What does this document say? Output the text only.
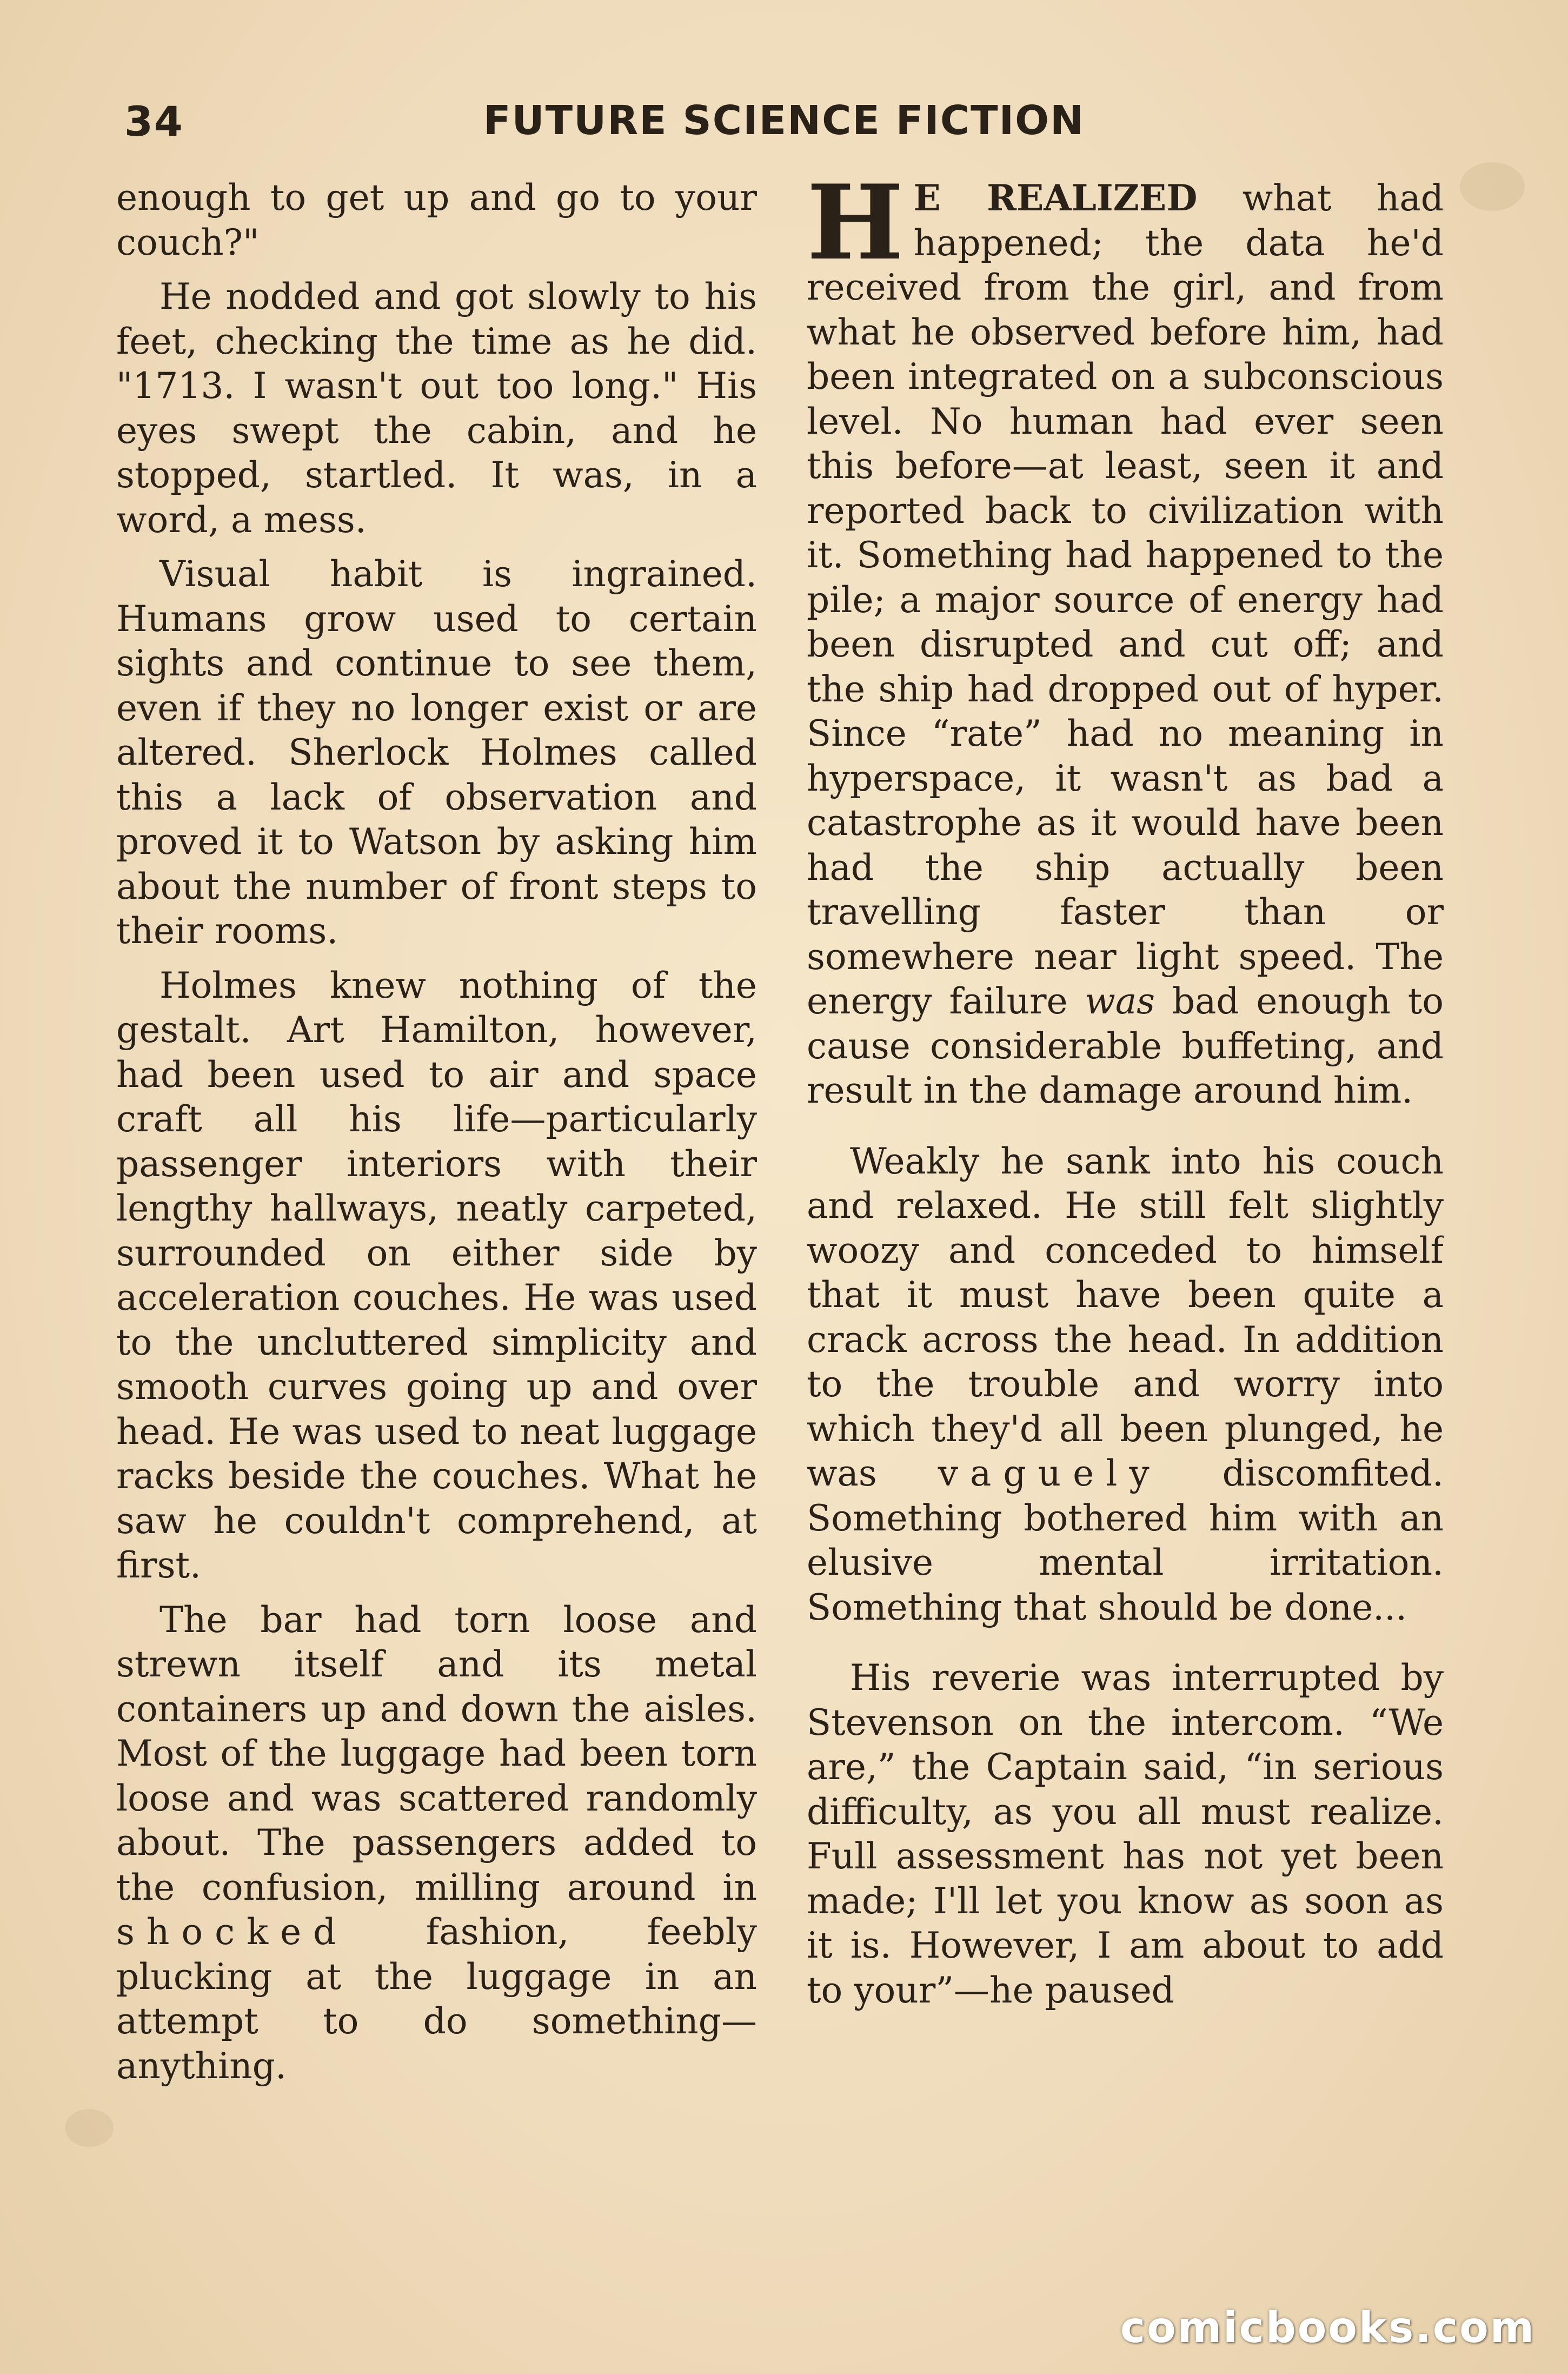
34	FUTURE SCIENCE FICTION

enough to get up and go to your couch?"

He nodded and got slowly to his feet, checking the time as he did. "1713. I wasn't out too long." His eyes swept the cabin, and he stopped, startled. It was, in a word, a mess.

Visual habit is ingrained. Humans grow used to certain sights and continue to see them, even if they no longer exist or are altered. Sherlock Holmes called this a lack of observation and proved it to Watson by asking him about the number of front steps to their rooms.

Holmes knew nothing of the gestalt. Art Hamilton, however, had been used to air and space craft all his life—particularly passenger interiors with their lengthy hallways, neatly carpeted, surrounded on either side by acceleration couches. He was used to the uncluttered simplicity and smooth curves going up and over head. He was used to neat luggage racks beside the couches. What he saw he couldn't comprehend, at first.

The bar had torn loose and strewn itself and its metal containers up and down the aisles. Most of the luggage had been torn loose and was scattered randomly about. The passengers added to the confusion, milling around in shocked fashion, feebly plucking at the luggage in an attempt to do something—anything.

H E REALIZED what had happened; the data he'd received from the girl, and from what he observed before him, had been integrated on a subconscious level. No human had ever seen this before—at least, seen it and reported back to civilization with it. Something had happened to the pile; a major source of energy had been disrupted and cut off; and the ship had dropped out of hyper. Since “rate” had no meaning in hyperspace, it wasn't as bad a catastrophe as it would have been had the ship actually been travelling faster than or somewhere near light speed. The energy failure was bad enough to cause considerable buffeting, and result in the damage around him.

Weakly he sank into his couch and relaxed. He still felt slightly woozy and conceded to himself that it must have been quite a crack across the head. In addition to the trouble and worry into which they'd all been plunged, he was vaguely discomfited. Something bothered him with an elusive mental irritation. Something that should be done...

His reverie was interrupted by Stevenson on the intercom. “We are,” the Captain said, “in serious difficulty, as you all must realize. Full assessment has not yet been made; I'll let you know as soon as it is. However, I am about to add to your”—he paused

comicbooks.com
